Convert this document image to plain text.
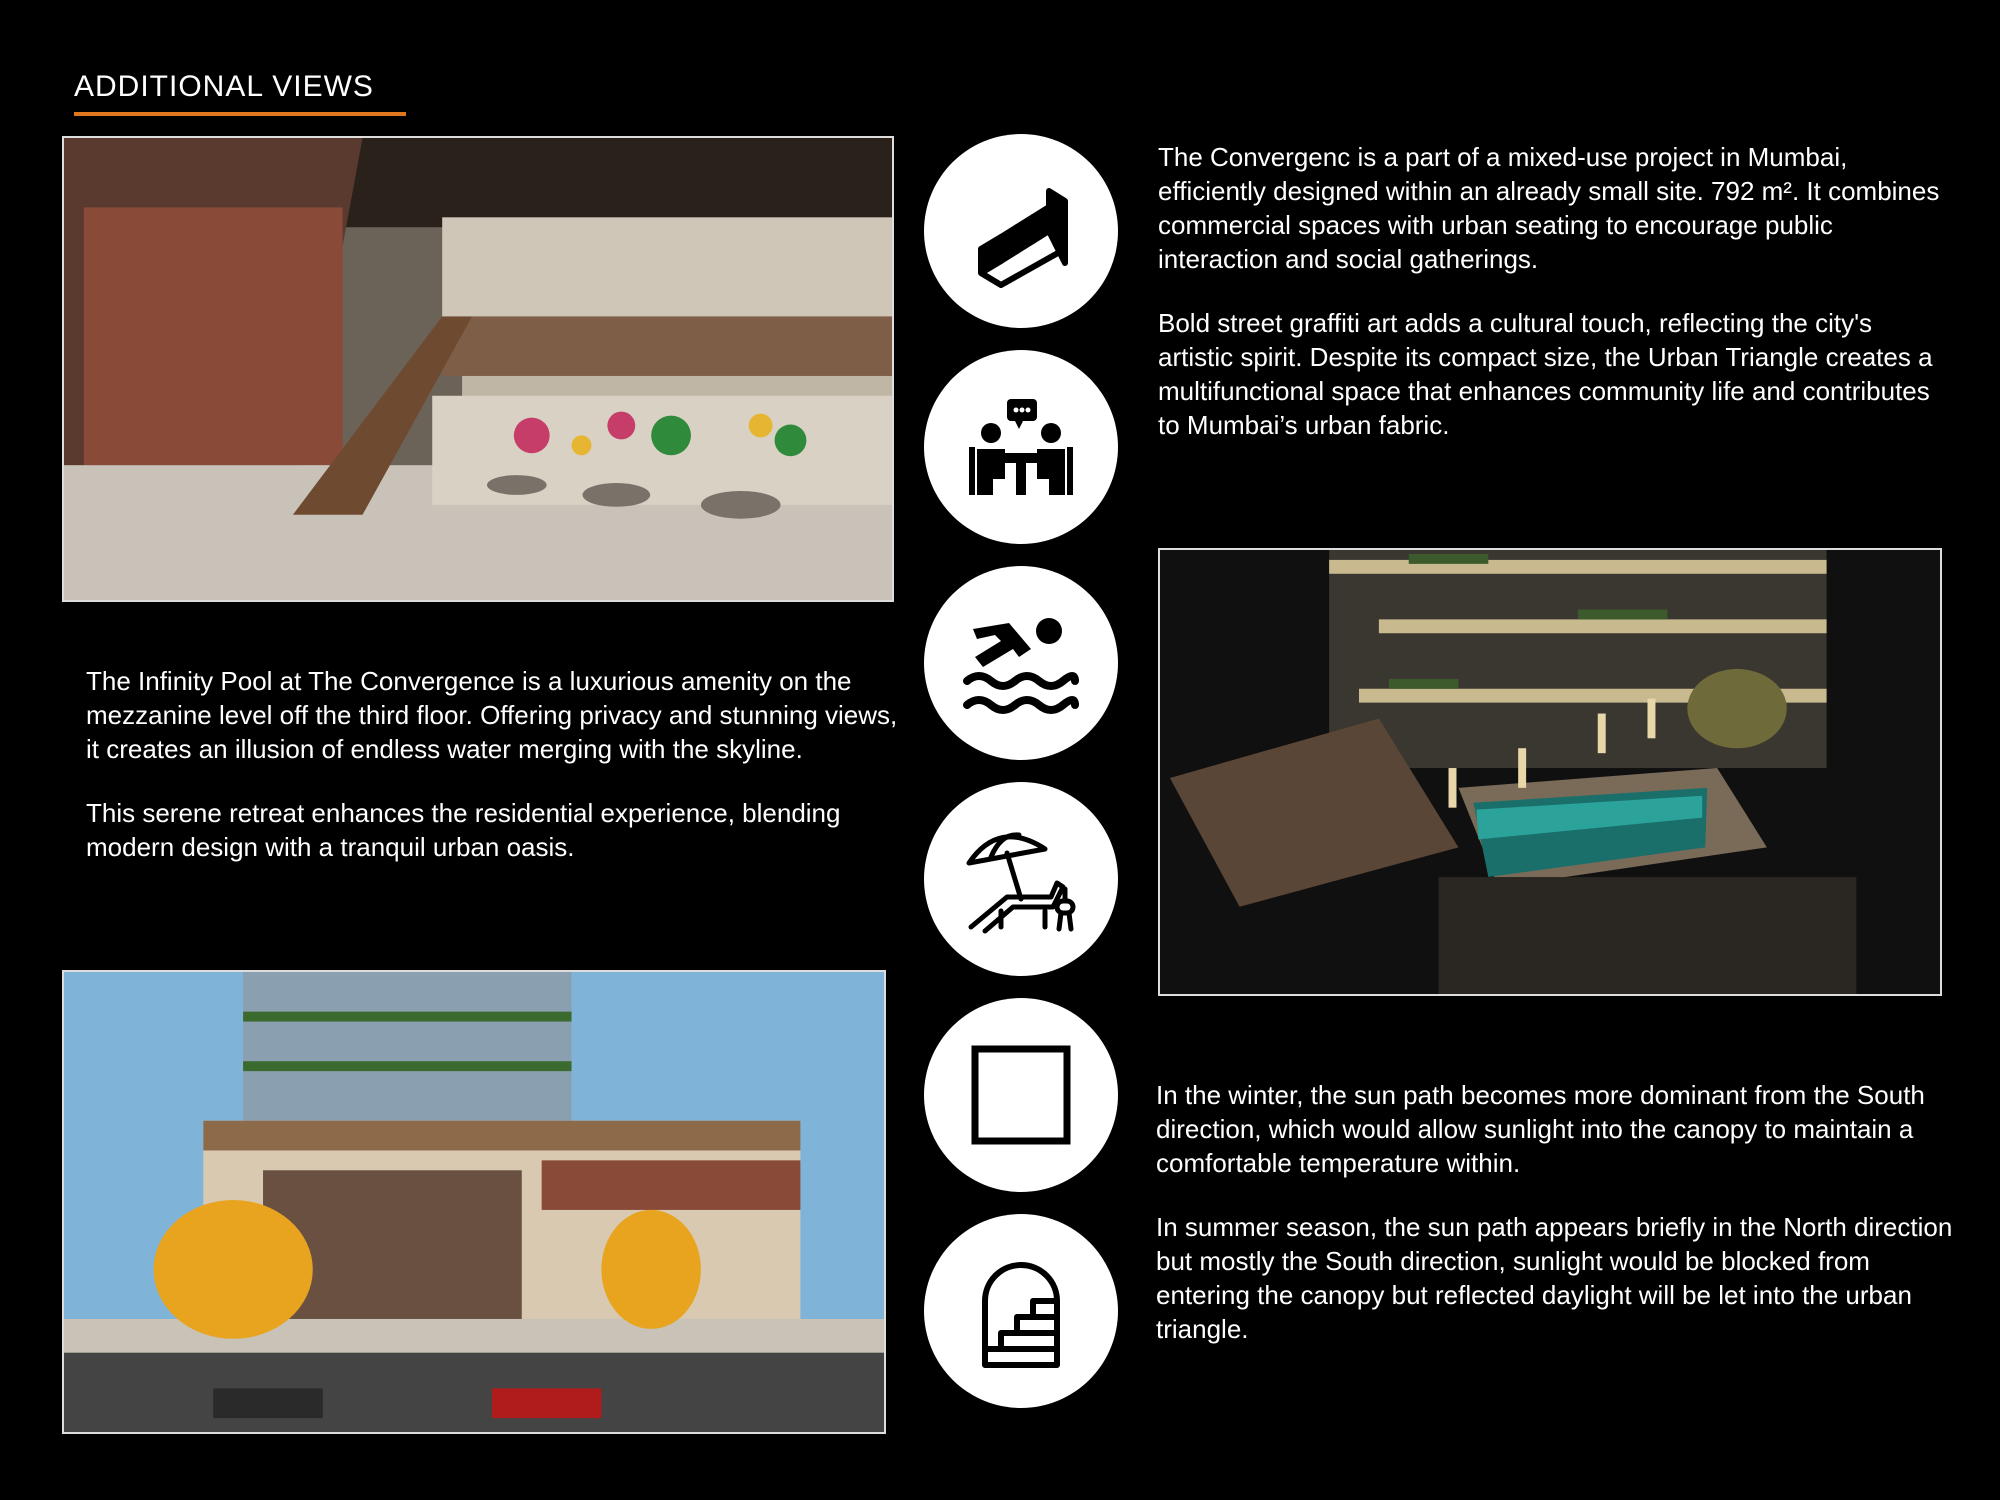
ADDITIONAL VIEWS

The Infinity Pool at The Convergence is a luxurious amenity on the mezzanine level off the third floor. Offering privacy and stunning views, it creates an illusion of endless water merging with the skyline.

This serene retreat enhances the residential experience, blending modern design with a tranquil urban oasis.

The Convergenc is a part of a mixed-use project in Mumbai, efficiently designed within an already small site. 792 m². It combines commercial spaces with urban seating to encourage public interaction and social gatherings.

Bold street graffiti art adds a cultural touch, reflecting the city's artistic spirit. Despite its compact size, the Urban Triangle creates a multifunctional space that enhances community life and contributes to Mumbai’s urban fabric.

In the winter, the sun path becomes more dominant from the South direction, which would allow sunlight into the canopy to maintain a comfortable temperature within.

In summer season, the sun path appears briefly in the North direction but mostly the South direction, sunlight would be blocked from entering the canopy but reflected daylight will be let into the urban triangle.
